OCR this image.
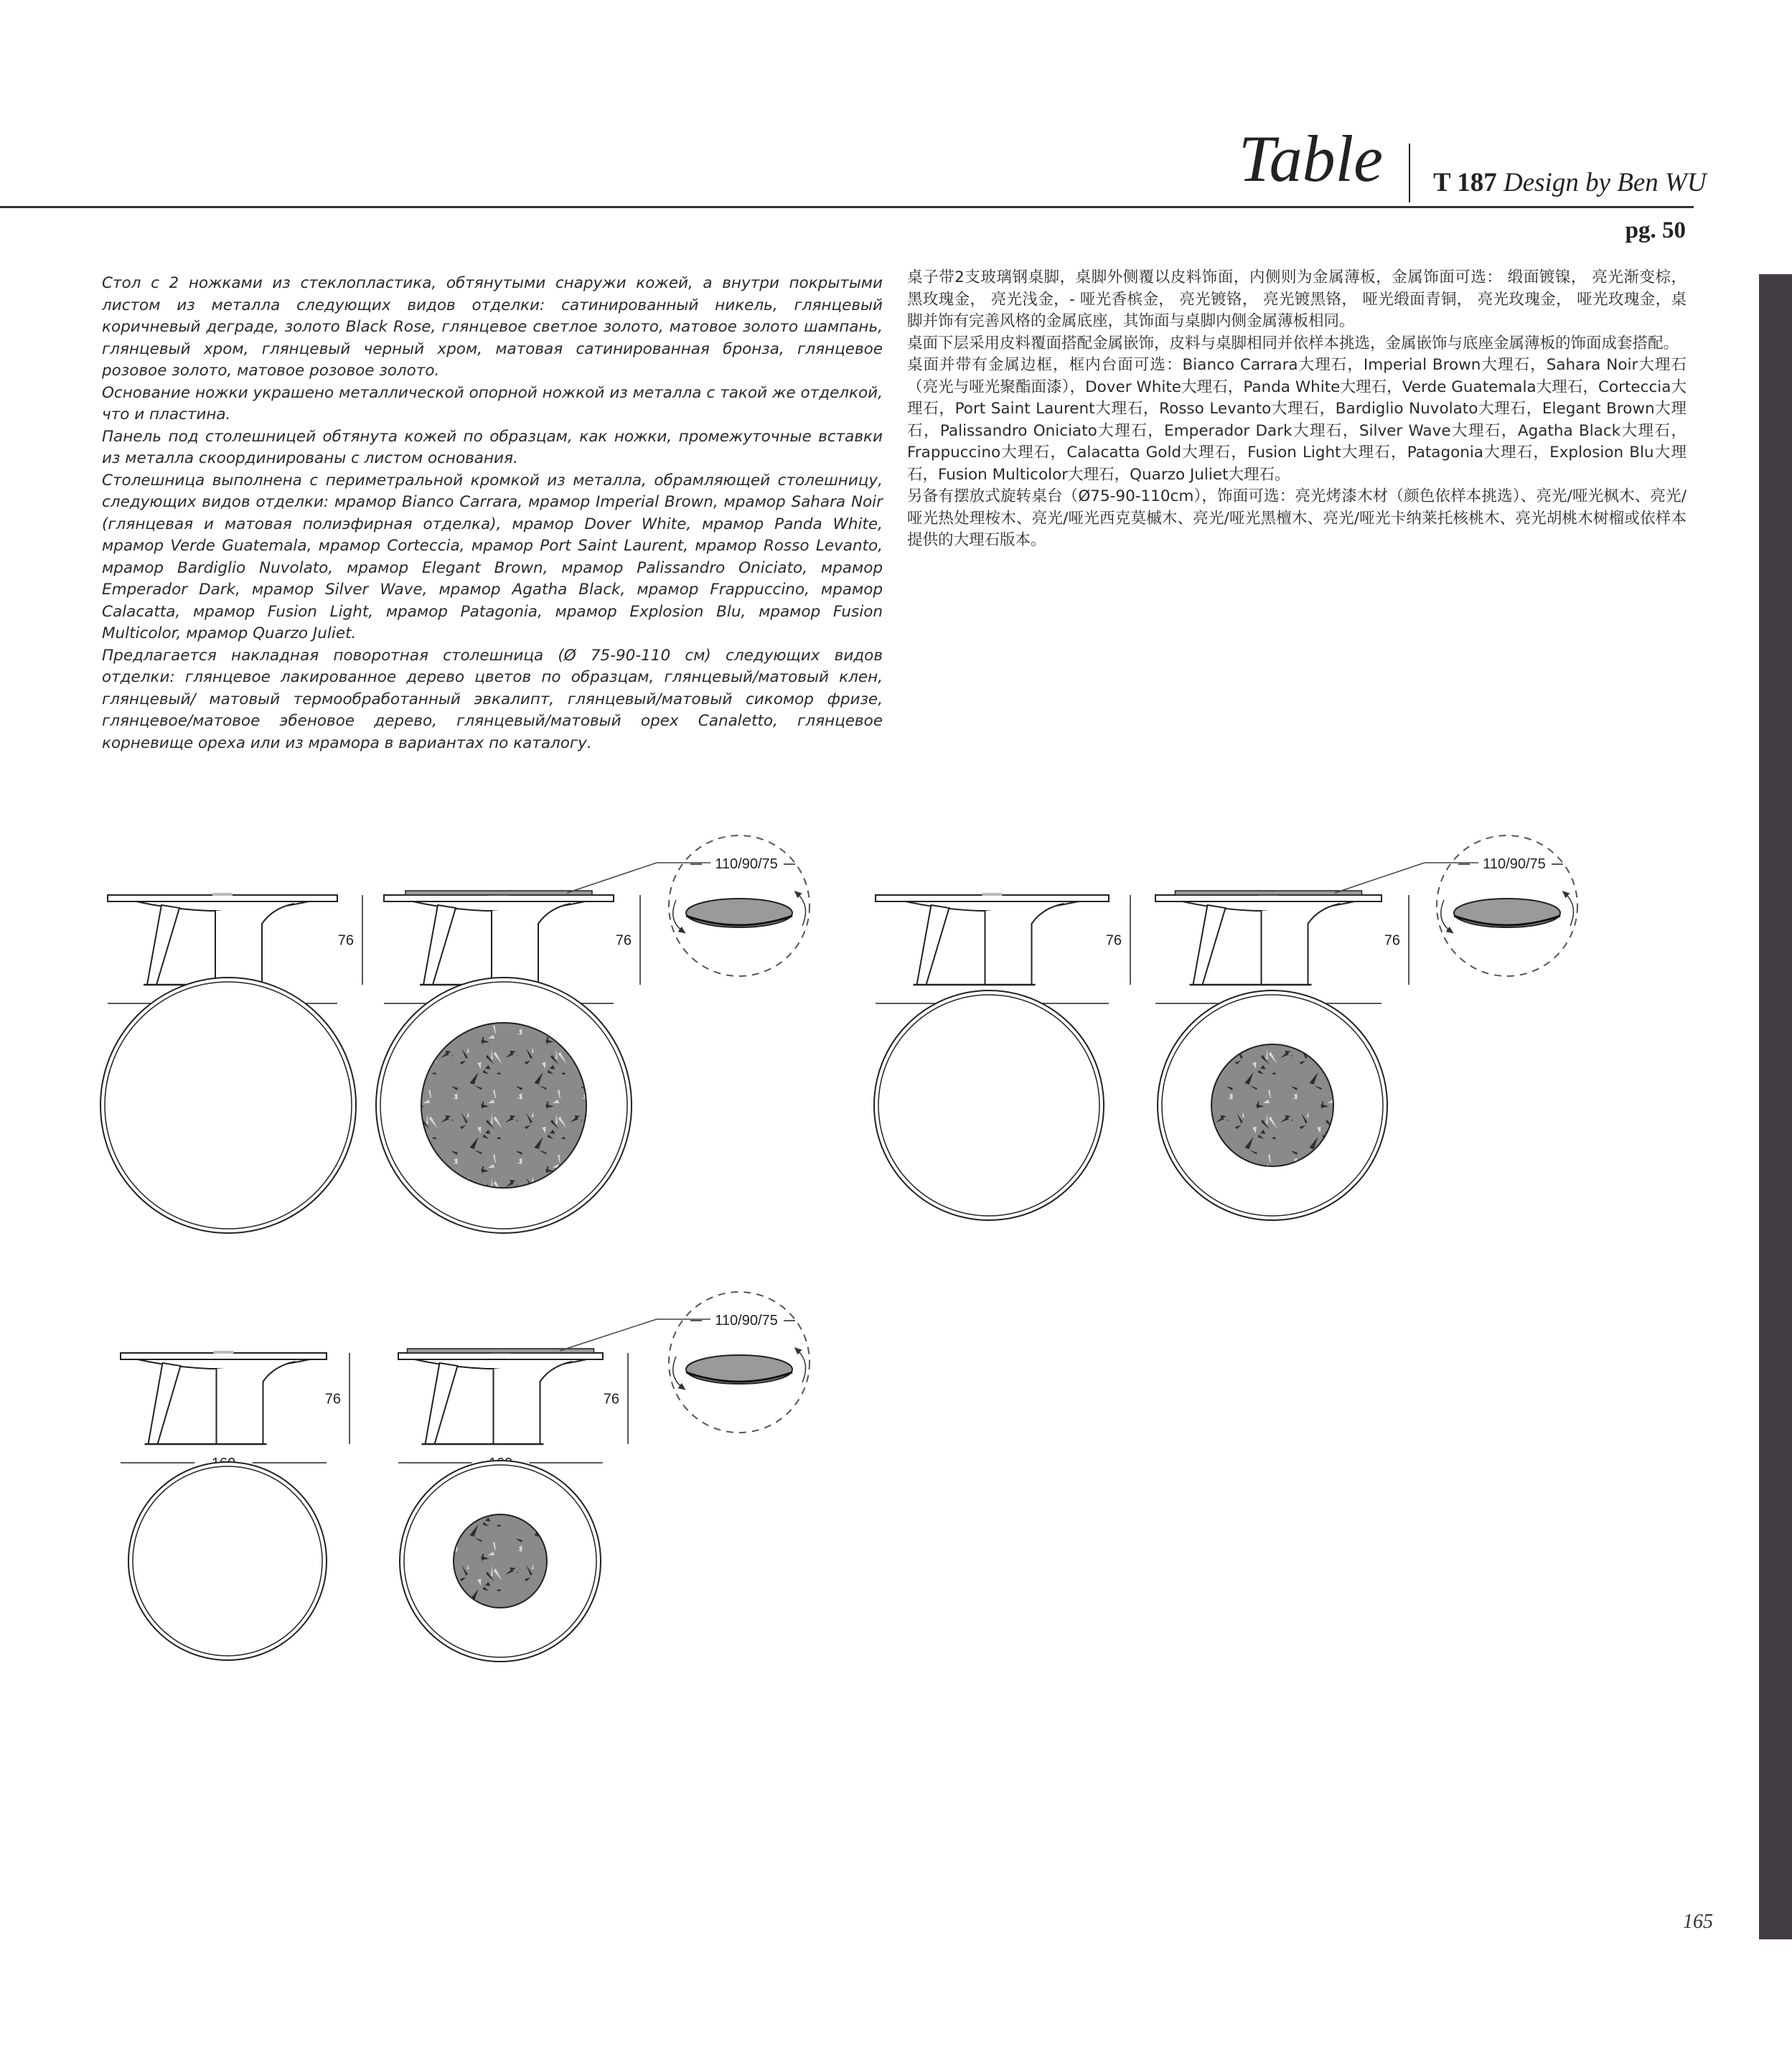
Table T 187 Design by Ben WU
pg. 50

Стол с 2 ножками из стеклопластика, обтянутыми снаружи кожей, а внутри покрытыми листом из металла следующих видов отделки: сатинированный никель, глянцевый коричневый деграде, золото Black Rose, глянцевое светлое золото, матовое золото шампань, глянцевый хром, глянцевый черный хром, матовая сатинированная бронза, глянцевое розовое золото, матовое розовое золото.

Основание ножки украшено металлической опорной ножкой из металла с такой же отделкой, что и пластина.

Панель под столешницей обтянута кожей по образцам, как ножки, промежуточные вставки из металла скоординированы с листом основания.

Столешница выполнена с периметральной кромкой из металла, обрамляющей столешницу, следующих видов отделки: мрамор Bianco Carrara, мрамор Imperial Brown, мрамор Sahara Noir (глянцевая и матовая полиэфирная отделка), мрамор Dover White, мрамор Panda White, мрамор Verde Guatemala, мрамор Corteccia, мрамор Port Saint Laurent, мрамор Rosso Levanto, мрамор Bardiglio Nuvolato, мрамор Elegant Brown, мрамор Palissandro Oniciato, мрамор Emperador Dark, мрамор Silver Wave, мрамор Agatha Black, мрамор Frappuccino, мрамор Calacatta, мрамор Fusion Light, мрамор Patagonia, мрамор Explosion Blu, мрамор Fusion Multicolor, мрамор Quarzo Juliet.

Предлагается накладная поворотная столешница (Ø 75-90-110 см) следующих видов отделки: глянцевое лакированное дерево цветов по образцам, глянцевый/матовый клен, глянцевый/ матовый термообработанный эвкалипт, глянцевый/матовый сикомор фризе, глянцевое/матовое эбеновое дерево, глянцевый/матовый орех Canaletto, глянцевое корневище ореха или из мрамора в вариантах по каталогу.

桌子带2支玻璃钢桌脚，桌脚外侧覆以皮料饰面，内侧则为金属薄板，金属饰面可选： 缎面镀镍， 亮光渐变棕， 黑玫瑰金， 亮光浅金，- 哑光香槟金， 亮光镀铬， 亮光镀黑铬， 哑光缎面青铜， 亮光玫瑰金， 哑光玫瑰金，桌脚并饰有完善风格的金属底座，其饰面与桌脚内侧金属薄板相同。

桌面下层采用皮料覆面搭配金属嵌饰，皮料与桌脚相同并依样本挑选，金属嵌饰与底座金属薄板的饰面成套搭配。

桌面并带有金属边框，框内台面可选：Bianco Carrara大理石，Imperial Brown大理石，Sahara Noir大理石（亮光与哑光聚酯面漆），Dover White大理石，Panda White大理石，Verde Guatemala大理石，Corteccia大理石，Port Saint Laurent大理石，Rosso Levanto大理石，Bardiglio Nuvolato大理石，Elegant Brown大理石，Palissandro Oniciato大理石，Emperador Dark大理石，Silver Wave大理石，Agatha Black大理石，Frappuccino大理石，Calacatta Gold大理石，Fusion Light大理石，Patagonia大理石，Explosion Blu大理石，Fusion Multicolor大理石，Quarzo Juliet大理石。

另备有摆放式旋转桌台（Ø75-90-110cm），饰面可选：亮光烤漆木材（颜色依样本挑选）、亮光/哑光枫木、亮光/哑光热处理桉木、亮光/哑光西克莫槭木、亮光/哑光黑檀木、亮光/哑光卡纳莱托核桃木、亮光胡桃木树榴或依样本提供的大理石版本。

76	76
110/90/75
76	76
110/90/75
76	76
110/90/75
165
